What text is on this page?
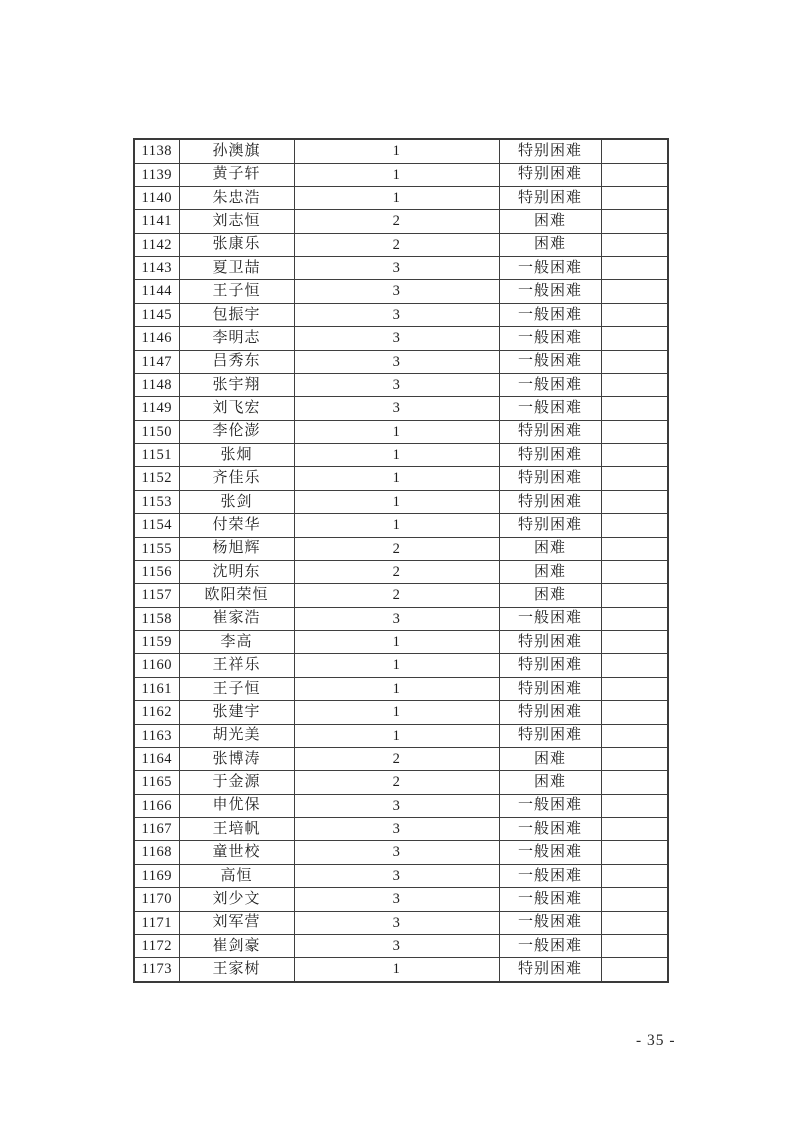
1138	孙澳旗	1	特别困难	
1139	黄子轩	1	特别困难	
1140	朱忠浩	1	特别困难	
1141	刘志恒	2	困难	
1142	张康乐	2	困难	
1143	夏卫喆	3	一般困难	
1144	王子恒	3	一般困难	
1145	包振宇	3	一般困难	
1146	李明志	3	一般困难	
1147	吕秀东	3	一般困难	
1148	张宇翔	3	一般困难	
1149	刘飞宏	3	一般困难	
1150	李伦澎	1	特别困难	
1151	张炯	1	特别困难	
1152	齐佳乐	1	特别困难	
1153	张剑	1	特别困难	
1154	付荣华	1	特别困难	
1155	杨旭辉	2	困难	
1156	沈明东	2	困难	
1157	欧阳荣恒	2	困难	
1158	崔家浩	3	一般困难	
1159	李高	1	特别困难	
1160	王祥乐	1	特别困难	
1161	王子恒	1	特别困难	
1162	张建宇	1	特别困难	
1163	胡光美	1	特别困难	
1164	张博涛	2	困难	
1165	于金源	2	困难	
1166	申优保	3	一般困难	
1167	王培帆	3	一般困难	
1168	童世校	3	一般困难	
1169	高恒	3	一般困难	
1170	刘少文	3	一般困难	
1171	刘军营	3	一般困难	
1172	崔剑豪	3	一般困难	
1173	王家树	1	特别困难	
- 35 -
